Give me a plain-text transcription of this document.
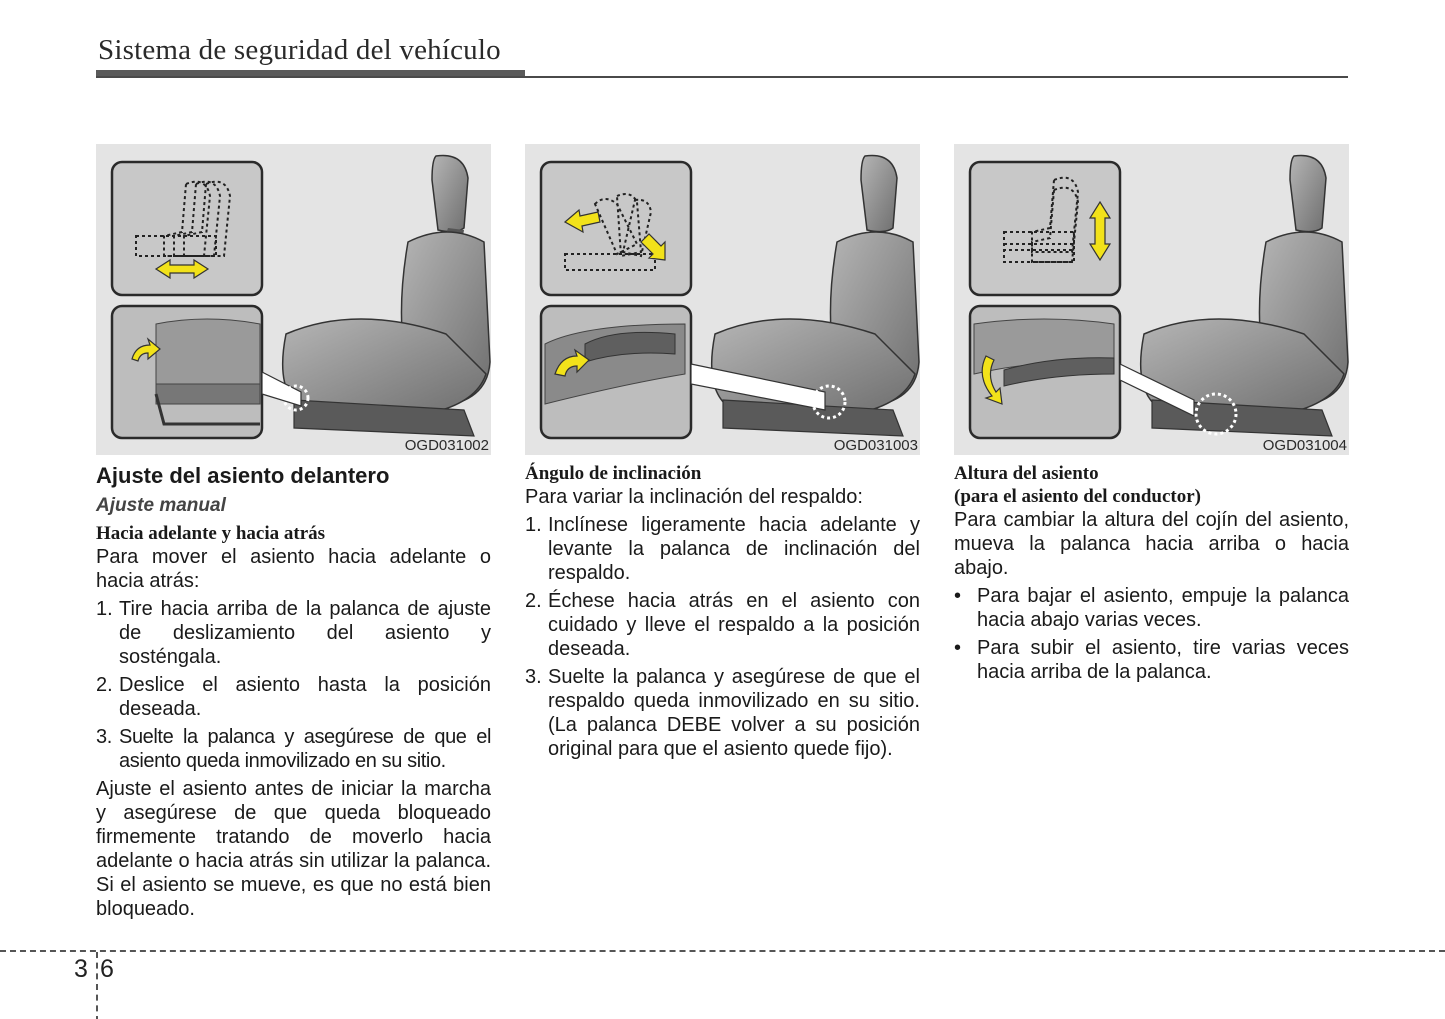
Sistema de seguridad del vehículo
OGD031002	OGD031003	OGD031004
Ajuste del asiento delantero
Ajuste manual
Hacia adelante y hacia atrás
Para mover el asiento hacia adelante o hacia atrás:
1. Tire hacia arriba de la palanca de ajuste de deslizamiento del asiento y sosténgala.
2. Deslice el asiento hasta la posición deseada.
3. Suelte la palanca y asegúrese de que el asiento queda inmovilizado en su sitio.
Ajuste el asiento antes de iniciar la marcha y asegúrese de que queda bloqueado firmemente tratando de moverlo hacia adelante o hacia atrás sin utilizar la palanca. Si el asiento se mueve, es que no está bien bloqueado.
Ángulo de inclinación
Para variar la inclinación del respaldo:
1. Inclínese ligeramente hacia adelante y levante la palanca de inclinación del respaldo.
2. Échese hacia atrás en el asiento con cuidado y lleve el respaldo a la posición deseada.
3. Suelte la palanca y asegúrese de que el respaldo queda inmovilizado en su sitio. (La palanca DEBE volver a su posición original para que el asiento quede fijo).
Altura del asiento
(para el asiento del conductor)
Para cambiar la altura del cojín del asiento, mueva la palanca hacia arriba o hacia abajo.
• Para bajar el asiento, empuje la palanca hacia abajo varias veces.
• Para subir el asiento, tire varias veces hacia arriba de la palanca.
3 6
